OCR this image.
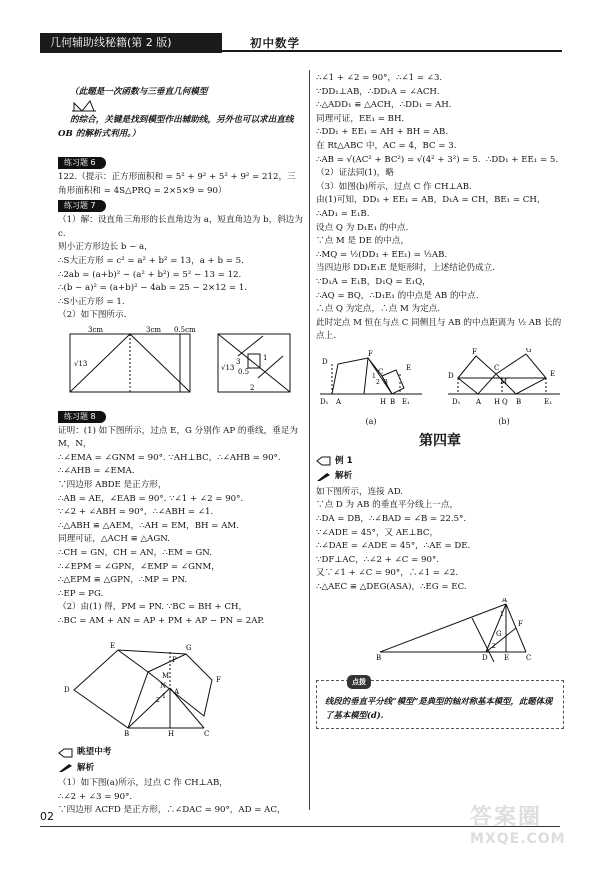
几何辅助线秘籍(第 2 版)	初中数学

（此题是一次函数与三垂直几何模型

的综合，关键是找到模型作出辅助线，另外也可以求出直线 OB 的解析式利用。）

练习题 6

122.（提示：正方形面积和 = 5² + 9² + 5² + 9² = 212，三角形面积和 = 4S△PRQ = 2×5×9 = 90）

练习题 7

（1）解：设直角三角形的长直角边为 a，短直角边为 b，斜边为 c.

则小正方形边长 b − a，

∴S大正方形 = c² = a² + b² = 13，a + b = 5.

∴2ab = (a+b)² − (a² + b²) = 5² − 13 = 12.

∴(b − a)² = (a+b)² − 4ab = 25 − 2×12 = 1.

∴S小正方形 = 1.

（2）如下图所示.

3cm	3cm 0.5cm
√13	√13
3
2
1
0.5
练习题 8

证明：(1) 如下图所示，过点 E，G 分别作 AP 的垂线，垂足为 M，N，

∴∠EMA = ∠GNM = 90°. ∵AH⊥BC，∴∠AHB = 90°.

∴∠AHB = ∠EMA.

∵四边形 ABDE 是正方形，

∴AB = AE，∠EAB = 90°. ∵∠1 + ∠2 = 90°.

∵∠2 + ∠ABH = 90°，∴∠ABH = ∠1.

∴△ABH ≌ △AEM，∴AH = EM，BH = AM.

同理可证，△ACH ≌ △AGN.

∴CH = GN，CH = AN，∴EM = GN.

∴∠EPM = ∠GPN，∠EMP = ∠GNM，

∴△EPM ≌ △GPN，∴MP = PN.

∴EP = PG.

（2）由(1) 得，PM = PN. ∵BC = BH + CH，

∴BC = AM + AN = AP + PM + AP − PN = 2AP.

E	G
F
D	A
P
M
N
B	H	C
1
2
眺望中考
解析

（1）如下图(a)所示，过点 C 作 CH⊥AB，

∴∠2 + ∠3 = 90°.

∵四边形 ACFD 是正方形，∴∠DAC = 90°，AD = AC，

∴∠1 + ∠2 = 90°，∴∠1 = ∠3.

∵DD₁⊥AB，∴DD₁A = ∠ACH.

∴△ADD₁ ≌ △ACH，∴DD₁ = AH.

同理可证，EE₁ = BH.

∴DD₁ + EE₁ = AH + BH = AB.

在 Rt△ABC 中，AC = 4，BC = 3.

∴AB = √(AC² + BC²) = √(4² + 3²) = 5.  ∴DD₁ + EE₁ = 5.

（2）证法同(1)，略

（3）如图(b)所示，过点 C 作 CH⊥AB.

由(1)可知，DD₁ + EE₁ = AB，D₁A = CH，BE₁ = CH，

∴AD₁ = E₁B.

设点 Q 为 D₁E₁ 的中点.

∵点 M 是 DE 的中点，

∴MQ = ½(DD₁ + EE₁) = ½AB.

当四边形 DD₁E₁E 是矩形时，上述结论仍成立.

∵D₁A = E₁B，D₁Q = E₁Q，

∴AQ = BQ，∴D₁E₁ 的中点是 AB 的中点.

∴点 Q 为定点，∴点 M 为定点.

此时定点 M 恒在与点 C 同侧且与 AB 的中点距离为 ½ AB 长的点上.

D
F
C	E
D₁ A	H B E₁
1
2 3
(a)
F	G
C
D
M
E
D₁ A H Q B	E₁
(b)
第四章
例 1
解析

如下图所示，连接 AD.

∵点 D 为 AB 的垂直平分线上一点，

∴DA = DB，∴∠BAD = ∠B = 22.5°.

∵∠ADE = 45°，又 AE⊥BC，

∴∠DAE = ∠ADE = 45°，∴AE = DE.

∵DF⊥AC，∴∠2 + ∠C = 90°.

又∵∠1 + ∠C = 90°，∴∠1 = ∠2.

∴△AEC ≌ △DEG(ASA)，∴EG = EC.

A
F
G
B	D E C
1
2
点拨
线段的垂直平分线“模型”是典型的轴对称基本模型，此题体现了基本模型(d).
02	答案圈
MXQE.COM
